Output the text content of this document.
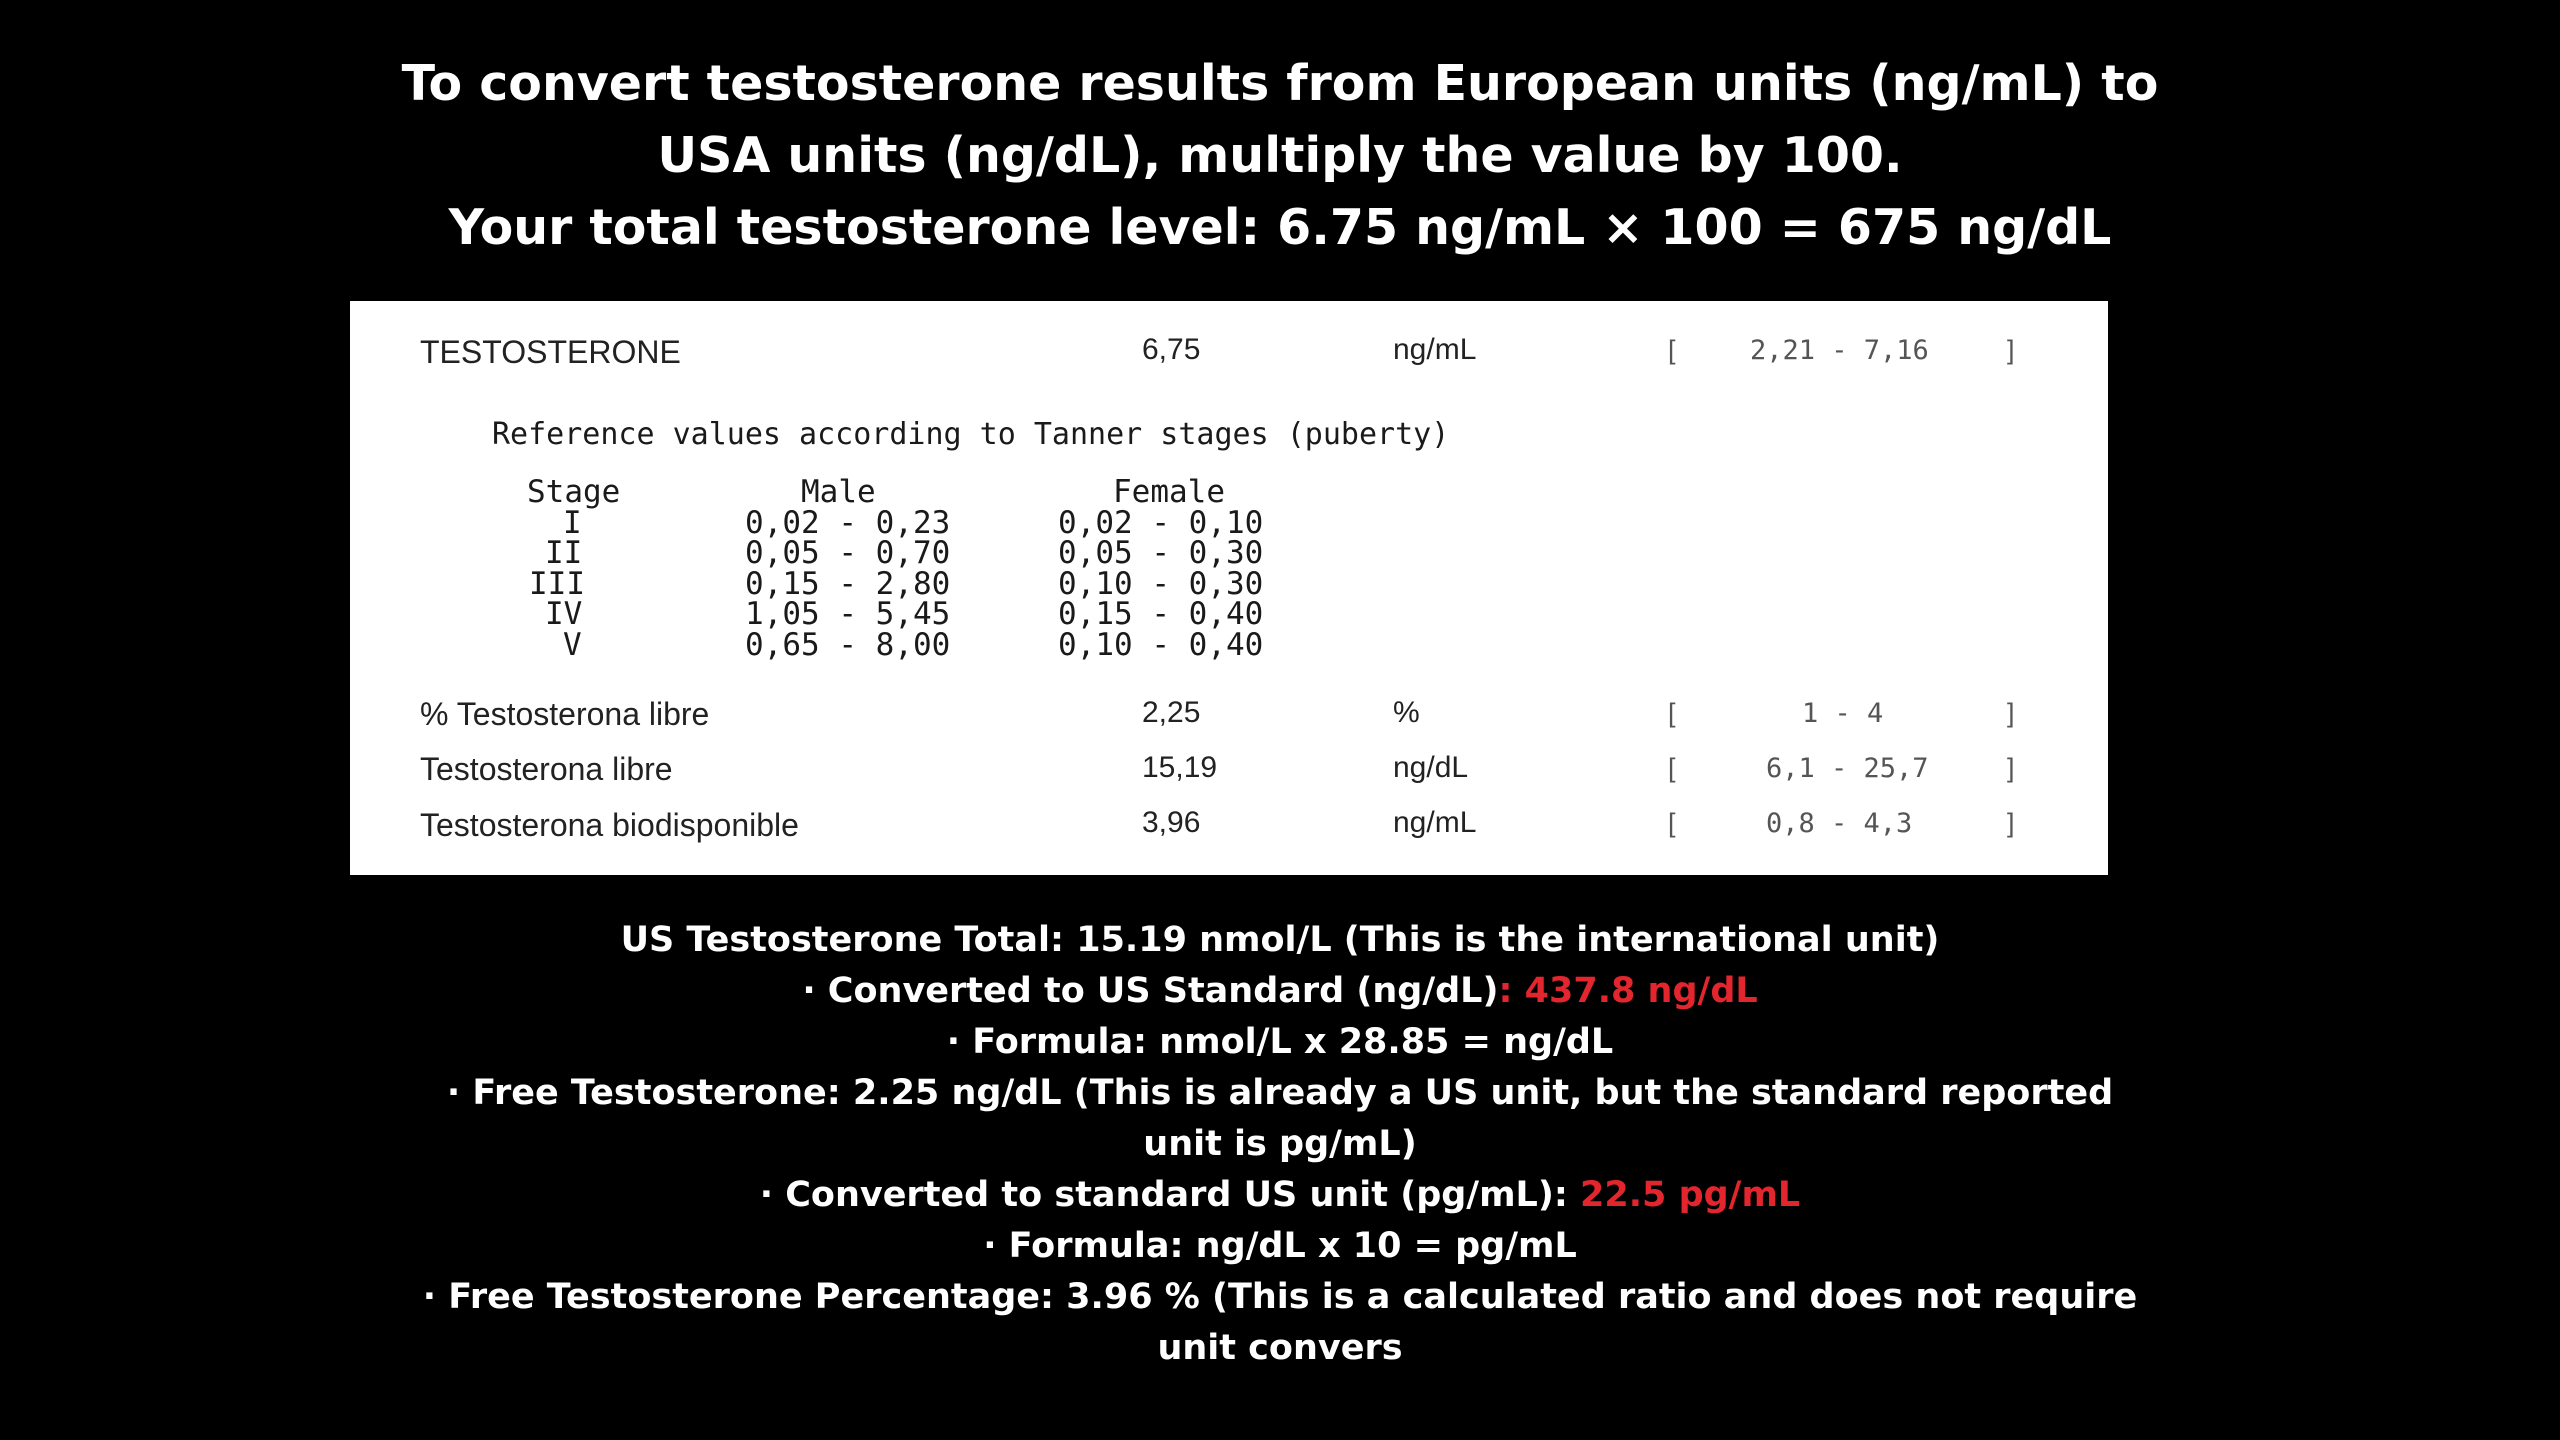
To convert testosterone results from European units (ng/mL) to
USA units (ng/dL), multiply the value by 100.
Your total testosterone level: 6.75 ng/mL × 100 = 675 ng/dL
TESTOSTERONE	6,75	ng/mL	[	2,21 - 7,16	]
Reference values according to Tanner stages (puberty)
Stage	Male	Female
I	0,02 - 0,23	0,02 - 0,10
II	0,05 - 0,70	0,05 - 0,30
III	0,15 - 2,80	0,10 - 0,30
IV	1,05 - 5,45	0,15 - 0,40
V	0,65 - 8,00	0,10 - 0,40
% Testosterona libre	2,25	%	[	1 - 4	]
Testosterona libre	15,19	ng/dL	[	6,1 - 25,7	]
Testosterona biodisponible	3,96	ng/mL	[	0,8 - 4,3	]
US Testosterone Total: 15.19 nmol/L (This is the international unit)
· Converted to US Standard (ng/dL): 437.8 ng/dL
· Formula: nmol/L x 28.85 = ng/dL
· Free Testosterone: 2.25 ng/dL (This is already a US unit, but the standard reported
unit is pg/mL)
· Converted to standard US unit (pg/mL): 22.5 pg/mL
· Formula: ng/dL x 10 = pg/mL
· Free Testosterone Percentage: 3.96 % (This is a calculated ratio and does not require
unit convers
